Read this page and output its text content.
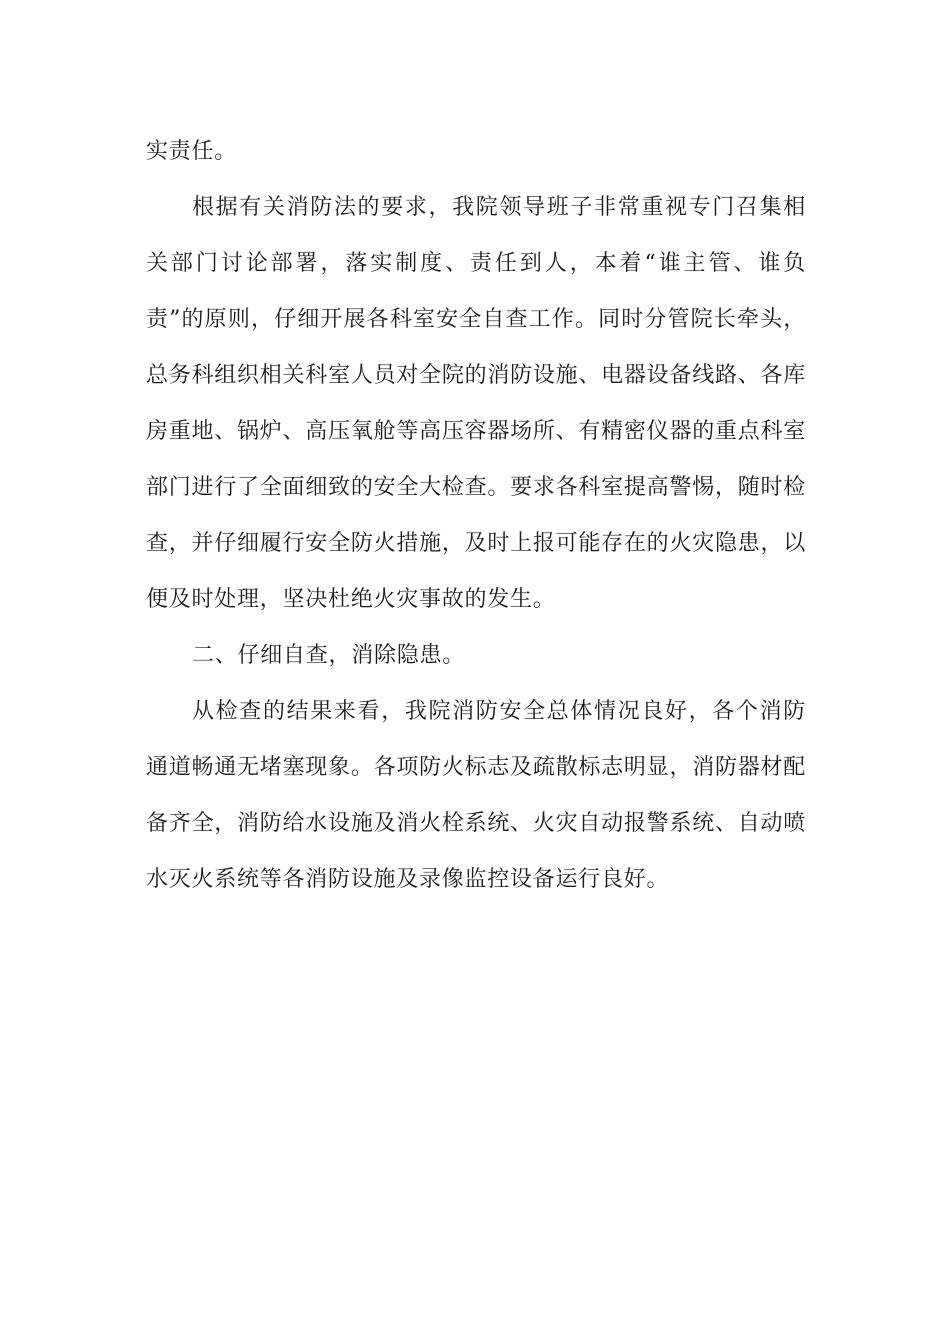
实责任。

根据有关消防法的要求，我院领导班子非常重视专门召集相关部门讨论部署，落实制度、责任到人，本着“谁主管、谁负责”的原则，仔细开展各科室安全自查工作。同时分管院长牵头，总务科组织相关科室人员对全院的消防设施、电器设备线路、各库房重地、锅炉、高压氧舱等高压容器场所、有精密仪器的重点科室部门进行了全面细致的安全大检查。要求各科室提高警惕，随时检查，并仔细履行安全防火措施，及时上报可能存在的火灾隐患，以便及时处理，坚决杜绝火灾事故的发生。

二、仔细自查，消除隐患。

从检查的结果来看，我院消防安全总体情况良好，各个消防通道畅通无堵塞现象。各项防火标志及疏散标志明显，消防器材配备齐全，消防给水设施及消火栓系统、火灾自动报警系统、自动喷水灭火系统等各消防设施及录像监控设备运行良好。
